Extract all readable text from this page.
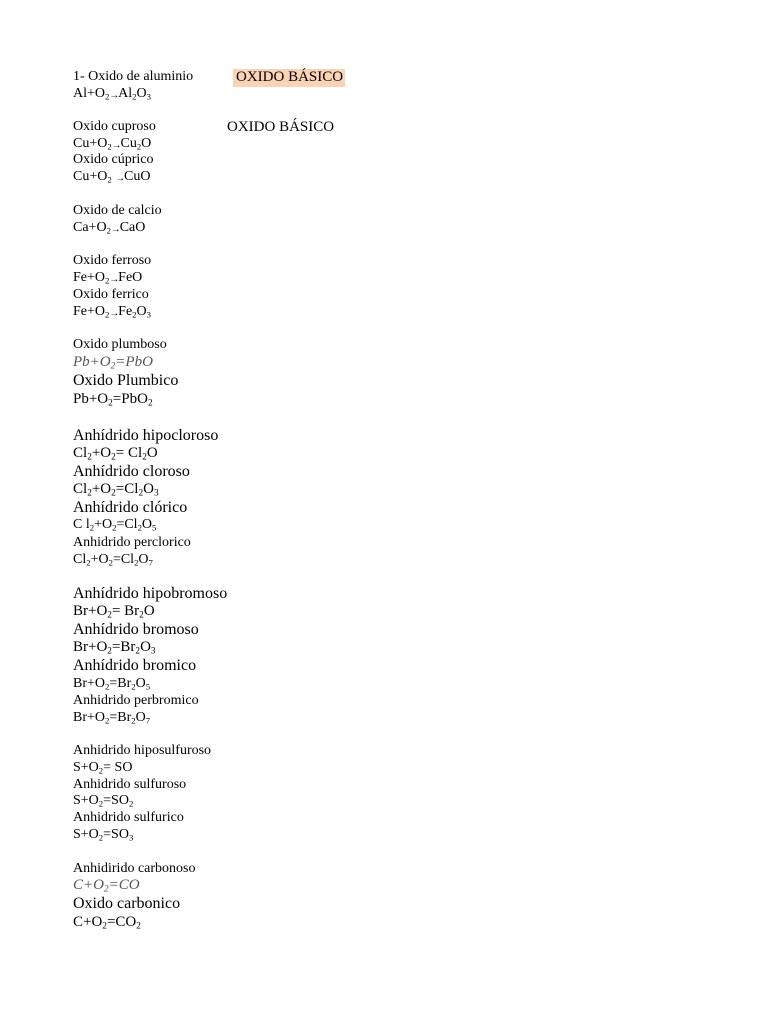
OXIDO BÁSICO
OXIDO BÁSICO
1- Oxido de aluminio
$Al+O_2\to Al_2O_3$
Oxido cuproso
$Cu+O_2\to Cu_2O$
Oxido cúprico
$Cu+O_2 \to CuO$
Oxido de calcio
$Ca+O_2\to CaO$
Oxido ferroso
$Fe+O_2\to FeO$
Oxido ferrico
$Fe+O_2\to Fe_2O_3$
Oxido plumboso
$Pb+O_2=PbO$
Oxido Plumbico
$Pb+O_2=PbO_2$
Anhídrido hipocloroso
$Cl_2+O_2= Cl_2O$
Anhídrido cloroso
$Cl_2+O_2=Cl_2O_3$
Anhídrido clórico
C $l_2+O_2=Cl_2O_5$
Anhidrido perclorico
$Cl_2+O_2=Cl_2O_7$
Anhídrido hipobromoso
$Br+O_2= Br_2O$
Anhídrido bromoso
$Br+O_2=Br_2O_3$
Anhídrido bromico
$Br+O_2=Br_2O_5$
Anhidrido perbromico
$Br+O_2=Br_2O_7$
Anhidrido hiposulfuroso
$S+O_2=$ SO
Anhidrido sulfuroso
$S+O_2=SO_2$
Anhidrido sulfurico
$S+O_2=SO_3$
Anhidirido carbonoso
$C+O_2=CO$
Oxido carbonico
$C+O_2=CO_2$
